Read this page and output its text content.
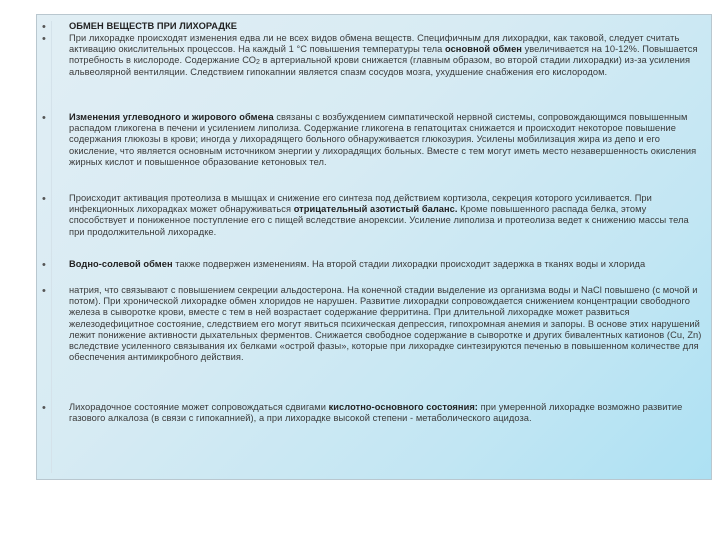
• ОБМЕН ВЕЩЕСТВ ПРИ ЛИХОРАДКЕ
• При лихорадке происходят изменения едва ли не всех видов обмена веществ. Специфичным для лихорадки, как таковой, следует считать активацию окислительных процессов. На каждый 1 °С повышения температуры тела основной обмен увеличивается на 10-12%. Повышается потребность в кислороде. Содержание $СО_2$ в артериальной крови снижается (главным образом, во второй стадии лихорадки) из-за усиления альвеолярной вентиляции. Следствием гипокапнии является спазм сосудов мозга, ухудшение снабжения его кислородом.
• Изменения углеводного и жирового обмена связаны с возбуждением симпатической нервной системы, сопровождающимся повышенным распадом гликогена в печени и усилением липолиза. Содержание гликогена в гепатоцитах снижается и происходит некоторое повышение содержания глюкозы в крови; иногда у лихорадящего больного обнаруживается глюкозурия. Усилены мобилизация жира из депо и его окисление, что является основным источником энергии у лихорадящих больных. Вместе с тем могут иметь место незавершенность окисления жирных кислот и повышенное образование кетоновых тел.
• Происходит активация протеолиза в мышцах и снижение его синтеза под действием кортизола, секреция которого усиливается. При инфекционных лихорадках может обнаруживаться отрицательный азотистый баланс. Кроме повышенного распада белка, этому способствует и пониженное поступление его с пищей вследствие анорексии. Усиление липолиза и протеолиза ведет к снижению массы тела при продолжительной лихорадке.
• Водно-солевой обмен также подвержен изменениям. На второй стадии лихорадки происходит задержка в тканях воды и хлорида
• натрия, что связывают с повышением секреции альдостерона. На конечной стадии выделение из организма воды и NaCl повышено (с мочой и потом). При хронической лихорадке обмен хлоридов не нарушен. Развитие лихорадки сопровождается снижением концентрации свободного железа в сыворотке крови, вместе с тем в ней возрастает содержание ферритина. При длительной лихорадке может развиться железодефицитное состояние, следствием его могут явиться психическая депрессия, гипохромная анемия и запоры. В основе этих нарушений лежит понижение активности дыхательных ферментов. Снижается свободное содержание в сыворотке и других бивалентных катионов (Cu, Zn) вследствие усиленного связывания их белками «острой фазы», которые при лихорадке синтезируются печенью в повышенном количестве для обеспечения антимикробного действия.
• Лихорадочное состояние может сопровождаться сдвигами кислотно-основного состояния: при умеренной лихорадке возможно развитие газового алкалоза (в связи с гипокапнией), а при лихорадке высокой степени - метаболического ацидоза.
